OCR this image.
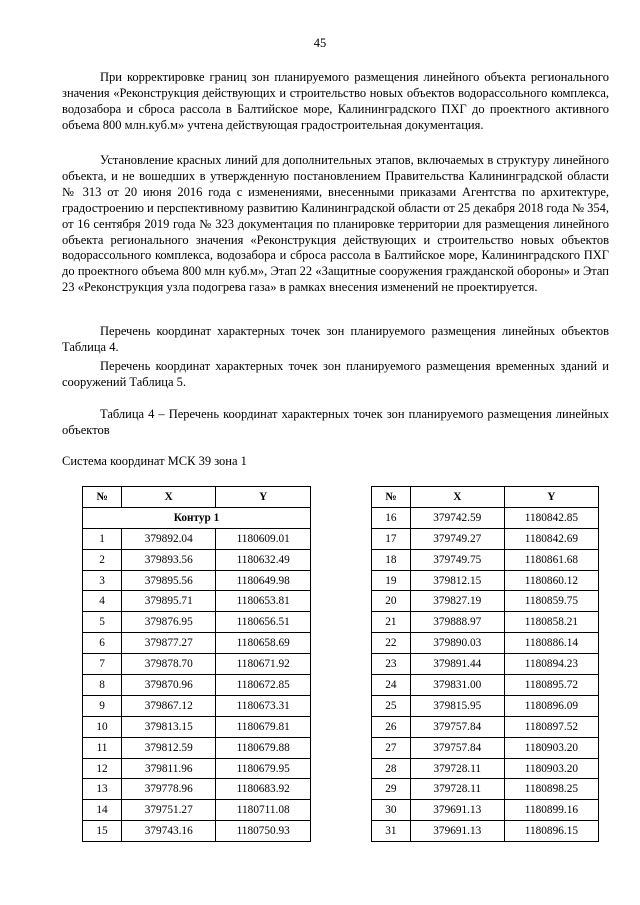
45

При корректировке границ зон планируемого размещения линейного объекта регионального значения «Реконструкция действующих и строительство новых объектов водорассольного комплекса, водозабора и сброса рассола в Балтийское море, Калининградского ПХГ до проектного активного объема 800 млн.куб.м» учтена действующая градостроительная документация.

Установление красных линий для дополнительных этапов, включаемых в структуру линейного объекта, и не вошедших в утвержденную постановлением Правительства Калининградской области № 313 от 20 июня 2016 года с изменениями, внесенными приказами Агентства по архитектуре, градостроению и перспективному развитию Калининградской области от 25 декабря 2018 года № 354, от 16 сентября 2019 года № 323 документация по планировке территории для размещения линейного объекта регионального значения «Реконструкция действующих и строительство новых объектов водорассольного комплекса, водозабора и сброса рассола в Балтийское море, Калининградского ПХГ до проектного объема 800 млн куб.м», Этап 22 «Защитные сооружения гражданской обороны» и Этап 23 «Реконструкция узла подогрева газа» в рамках внесения изменений не проектируется.

Перечень координат характерных точек зон планируемого размещения линейных объектов Таблица 4.

Перечень координат характерных точек зон планируемого размещения временных зданий и сооружений Таблица 5.

Таблица 4 – Перечень координат характерных точек зон планируемого размещения линейных объектов
Система координат МСК 39 зона 1
№	X	Y
Контур 1		
1	379892.04	1180609.01
2	379893.56	1180632.49
3	379895.56	1180649.98
4	379895.71	1180653.81
5	379876.95	1180656.51
6	379877.27	1180658.69
7	379878.70	1180671.92
8	379870.96	1180672.85
9	379867.12	1180673.31
10	379813.15	1180679.81
11	379812.59	1180679.88
12	379811.96	1180679.95
13	379778.96	1180683.92
14	379751.27	1180711.08
15	379743.16	1180750.93
№	X	Y
16	379742.59	1180842.85
17	379749.27	1180842.69
18	379749.75	1180861.68
19	379812.15	1180860.12
20	379827.19	1180859.75
21	379888.97	1180858.21
22	379890.03	1180886.14
23	379891.44	1180894.23
24	379831.00	1180895.72
25	379815.95	1180896.09
26	379757.84	1180897.52
27	379757.84	1180903.20
28	379728.11	1180903.20
29	379728.11	1180898.25
30	379691.13	1180899.16
31	379691.13	1180896.15
